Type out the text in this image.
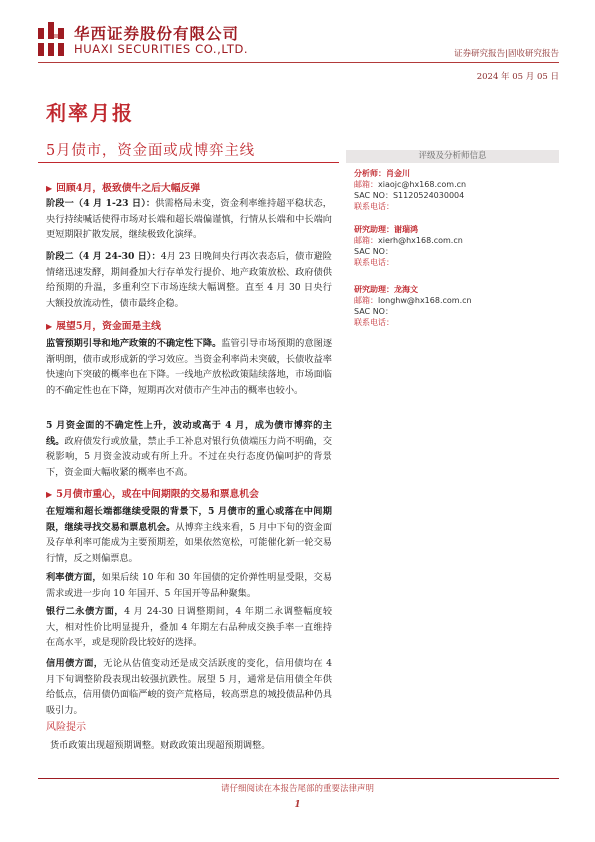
华西证券股份有限公司
HUAXI SECURITIES CO.,LTD.	证券研究报告|固收研究报告
2024 年 05 月 05 日
利率月报
5月债市，资金面或成博弈主线
▶ 回顾4月，极致债牛之后大幅反弹
阶段一（4 月 1-23 日）：供需格局未变，资金利率维持超平稳状态，央行持续喊话使得市场对长端和超长端偏谨慎，行情从长端和中长端向更短期限扩散发展，继续极致化演绎。
阶段二（4 月 24-30 日）：4月 23 日晚间央行再次表态后，债市避险情绪迅速发酵，期间叠加大行存单发行提价、地产政策放松、政府债供给预期的升温，多重利空下市场连续大幅调整。直至 4 月 30 日央行大额投放流动性，债市最终企稳。
▶ 展望5月，资金面是主线
监管预期引导和地产政策的不确定性下降。监管引导市场预期的意图逐渐明朗，债市或形成新的学习效应。当资金利率尚未突破，长债收益率快速向下突破的概率也在下降。一线地产放松政策陆续落地，市场面临的不确定性也在下降，短期再次对债市产生冲击的概率也较小。
5 月资金面的不确定性上升，波动或高于 4 月，成为债市博弈的主线。政府债发行或放量，禁止手工补息对银行负债端压力尚不明确，交税影响，5 月资金波动或有所上升。不过在央行态度仍偏呵护的背景下，资金面大幅收紧的概率也不高。
▶ 5月债市重心，或在中间期限的交易和票息机会
在短端和超长端都继续受限的背景下，5 月债市的重心或落在中间期限，继续寻找交易和票息机会。从博弈主线来看，5 月中下旬的资金面及存单利率可能成为主要预期差，如果依然宽松，可能催化新一轮交易行情，反之则偏票息。
利率债方面，如果后续 10 年和 30 年国债的定价弹性明显受限，交易需求或进一步向 10 年国开、5 年国开等品种聚集。
银行二永债方面，4 月 24-30 日调整期间，4 年期二永调整幅度较大，相对性价比明显提升，叠加 4 年期左右品种成交换手率一直维持在高水平，或是现阶段比较好的选择。
信用债方面，无论从估值变动还是成交活跃度的变化，信用债均在 4 月下旬调整阶段表现出较强抗跌性。展望 5 月，通常是信用债全年供给低点，信用债仍面临严峻的资产荒格局，较高票息的城投债品种仍具吸引力。
评级及分析师信息
分析师：肖金川
邮箱：xiaojc@hx168.com.cn
SAC NO：S1120524030004
联系电话：
研究助理：谢瑞鸿
邮箱：xierh@hx168.com.cn
SAC NO：
联系电话：
研究助理：龙海文
邮箱：longhw@hx168.com.cn
SAC NO：
联系电话：
风险提示
货币政策出现超预期调整。财政政策出现超预期调整。
请仔细阅读在本报告尾部的重要法律声明
1
